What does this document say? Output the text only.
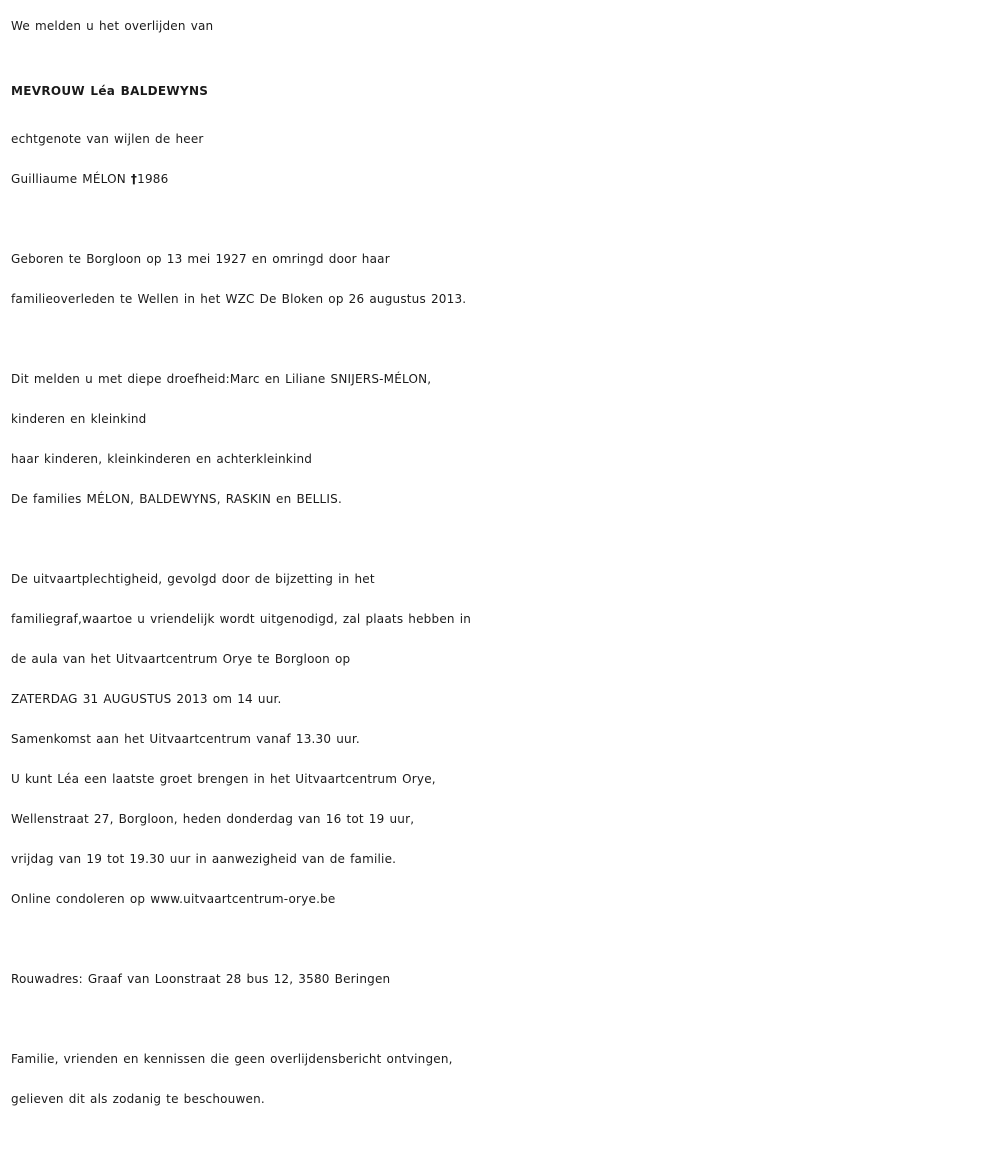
We melden u het overlijden van
MEVROUW Léa BALDEWYNS
echtgenote van wijlen de heer
Guilliaume MÉLON †1986
Geboren te Borgloon op 13 mei 1927 en omringd door haar
familieoverleden te Wellen in het WZC De Bloken op 26 augustus 2013.
Dit melden u met diepe droefheid:Marc en Liliane SNIJERS-MÉLON,
kinderen en kleinkind
haar kinderen, kleinkinderen en achterkleinkind
De families MÉLON, BALDEWYNS, RASKIN en BELLIS.
De uitvaartplechtigheid, gevolgd door de bijzetting in het
familiegraf,waartoe u vriendelijk wordt uitgenodigd, zal plaats hebben in
de aula van het Uitvaartcentrum Orye te Borgloon op
ZATERDAG 31 AUGUSTUS 2013 om 14 uur.
Samenkomst aan het Uitvaartcentrum vanaf 13.30 uur.
U kunt Léa een laatste groet brengen in het Uitvaartcentrum Orye,
Wellenstraat 27, Borgloon, heden donderdag van 16 tot 19 uur,
vrijdag van 19 tot 19.30 uur in aanwezigheid van de familie.
Online condoleren op www.uitvaartcentrum-orye.be
Rouwadres: Graaf van Loonstraat 28 bus 12, 3580 Beringen
Familie, vrienden en kennissen die geen overlijdensbericht ontvingen,
gelieven dit als zodanig te beschouwen.
